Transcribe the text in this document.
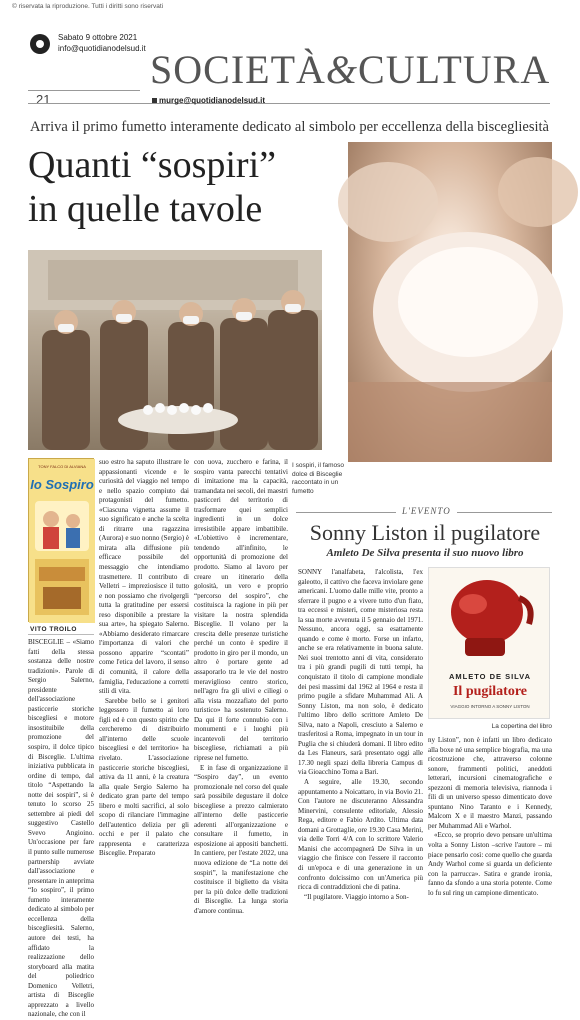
© riservata la riproduzione. Tutti i diritti sono riservati
Sabato 9 ottobre 2021
info@quotidianodelsud.it SOCIETÀ&CULTURA
21	murge@quotidianodelsud.it
Arriva il primo fumetto interamente dedicato al simbolo per eccellenza della biscegliesità
Quanti “sospiri”
in quelle tavole
I sospiri, il famoso dolce di Bisceglie raccontato in un fumetto
TONY FALCO DI ALVIANA
Io Sospiro
VITO TROILO

BISCEGLIE – «Siamo fatti della stessa sostanza delle nostre tradizioni». Parole di Sergio Salerno, presidente dell'associazione pasticcerie storiche biscegliesi e motore insostituibile della promozione del sospiro, il dolce tipico di Bisceglie. L'ultima iniziativa pubblicata in ordine di tempo, dal titolo “Aspettando la notte dei sospiri”, si è tenuto lo scorso 25 settembre ai piedi del suggestivo Castello Svevo Angioino. Un'occasione per fare il punto sulle numerose partnership avviate dall'associazione e presentare in anteprima “Io sospiro”, il primo fumetto interamente dedicato al simbolo per eccellenza della biscegliesità. Salerno, autore dei testi, ha affidato la realizzazione dello storyboard alla matita del poliedrico Domenico Velletri, artista di Bisceglie apprezzato a livello nazionale, che con il

suo estro ha saputo illustrare le appassionanti vicende e le curiosità del viaggio nel tempo e nello spazio compiuto dai protagonisti del fumetto. «Ciascuna vignetta assume il suo significato e anche la scelta di ritrarre una ragazzina (Aurora) e suo nonno (Sergio) è mirata alla diffusione più efficace possibile del messaggio che intendiamo trasmettere. Il contributo di Velletri – impreziosisce il tutto e non possiamo che rivolgergli tutta la gratitudine per essersi reso disponibile a prestare la sua arte», ha spiegato Salerno. «Abbiamo desiderato rimarcare l'importanza di valori che possono apparire “scontati” come l'etica del lavoro, il senso di comunità, il calore della famiglia, l'educazione a corretti stili di vita.

Sarebbe bello se i genitori leggessero il fumetto ai loro figli ed è con questo spirito che cercheremo di distribuirlo all'interno delle scuole biscegliesi e del territorio» ha rivelato. L'associazione pasticcerie storiche biscegliesi, attiva da 11 anni, è la creatura alla quale Sergio Salerno ha dedicato gran parte del tempo libero e molti sacrifici, al solo scopo di rilanciare l'immagine dell'autentico delizia per gli occhi e per il palato che rappresenta e caratterizza Bisceglie. Preparato

con uova, zucchero e farina, il sospiro vanta parecchi tentativi di imitazione ma la capacità, tramandata nei secoli, dei maestri pasticceri del territorio di trasformare quei semplici ingredienti in un dolce irresistibile appare imbattibile. «L'obiettivo è incrementare, tendendo all'infinito, le opportunità di promozione del prodotto. Siamo al lavoro per creare un itinerario della golosità, un vero e proprio “percorso del sospiro”, che costituisca la ragione in più per visitare la nostra splendida Bisceglie. Il volano per la crescita delle presenze turistiche perché un conto è spedire il prodotto in giro per il mondo, un altro è portare gente ad assaporarlo tra le vie del nostro meraviglioso centro storico, nell'agro fra gli ulivi e ciliegi o alla vista mozzafiato del porto turistico» ha sostenuto Salerno. Da qui il forte connubio con i monumenti e i luoghi più incantevoli del territorio biscegliese, richiamati a più riprese nel fumetto.

E in fase di organizzazione il “Sospiro day”, un evento promozionale nel corso del quale sarà possibile degustare il dolce biscegliese a prezzo calmierato all'interno delle pasticcerie aderenti all'organizzazione e consultare il fumetto, in esposizione ai appositi banchetti. In cantiere, per l'estate 2022, una nuova edizione de “La notte dei sospiri”, la manifestazione che costituisce il biglietto da visita per la più dolce delle tradizioni di Bisceglie. La lunga storia d'amore continua.

L'EVENTO
Sonny Liston il pugilatore
Amleto De Silva presenta il suo nuovo libro
AMLETO DE SILVA
Il pugilatore
VIAGGIO INTORNO A SONNY LISTON
La copertina del libro

SONNY l'analfabeta, l'alcolista, l'ex galeotto, il cattivo che faceva inviolare gene americani. L'uomo dalle mille vite, pronto a sferrare il pugno e a vivere tutto d'un fiato, tra eccessi e misteri, come misteriosa resta la sua morte avvenuta il 5 gennaio del 1971. Nessuno, ancora oggi, sa esattamente quando e come è morto. Forse un infarto, anche se era relativamente in buona salute. Nei suoi trentotto anni di vita, considerato tra i più grandi pugili di tutti tempi, ha conquistato il titolo di campione mondiale dei pesi massimi dal 1962 al 1964 e resta il primo pugile a sfidare Muhammad Ali. A Sonny Liston, ma non solo, è dedicato l'ultimo libro dello scrittore Amleto De Silva, nato a Napoli, cresciuto a Salerno e trasferitosi a Roma, impegnato in un tour in Puglia che si chiuderà domani. Il libro edito da Les Flaneurs, sarà presentato oggi alle 17.30 negli spazi della libreria Campus di via Gioacchino Toma a Bari.

A seguire, alle 19.30, secondo appuntamento a Noicattaro, in via Bovio 21. Con l'autore ne discuteranno Alessandra Minervini, consulente editoriale, Alessio Rega, editore e Fabio Ardito. Ultima data domani a Grottaglie, ore 19.30 Casa Merini, via delle Torri 4/A con lo scrittore Valerio Manisi che accompagnerà De Silva in un viaggio che finisce con l'essere il racconto di un'epoca e di una generazione in un confronto dolcissimo con un'America più ricca di contraddizioni che di patina.

“Il pugilatore. Viaggio intorno a Son-

ny Liston”, non è infatti un libro dedicato alla boxe né una semplice biografia, ma una ricostruzione che, attraverso colonne sonore, frammenti politici, aneddoti letterari, incursioni cinematografiche e spezzoni di memoria televisiva, riannoda i fili di un universo spesso dimenticato dove spuntano Nino Taranto e i Kennedy, Malcom X e il maestro Manzi, passando per Muhammad Ali e Warhol.

«Ecco, se proprio devo pensare un'ultima volta a Sonny Liston –scrive l'autore – mi piace pensarlo così: come quello che guarda Andy Warhol come si guarda un deficiente con la parrucca». Satira e grande ironia, fanno da sfondo a una storia potente. Come lo fu sul ring un campione dimenticato.
